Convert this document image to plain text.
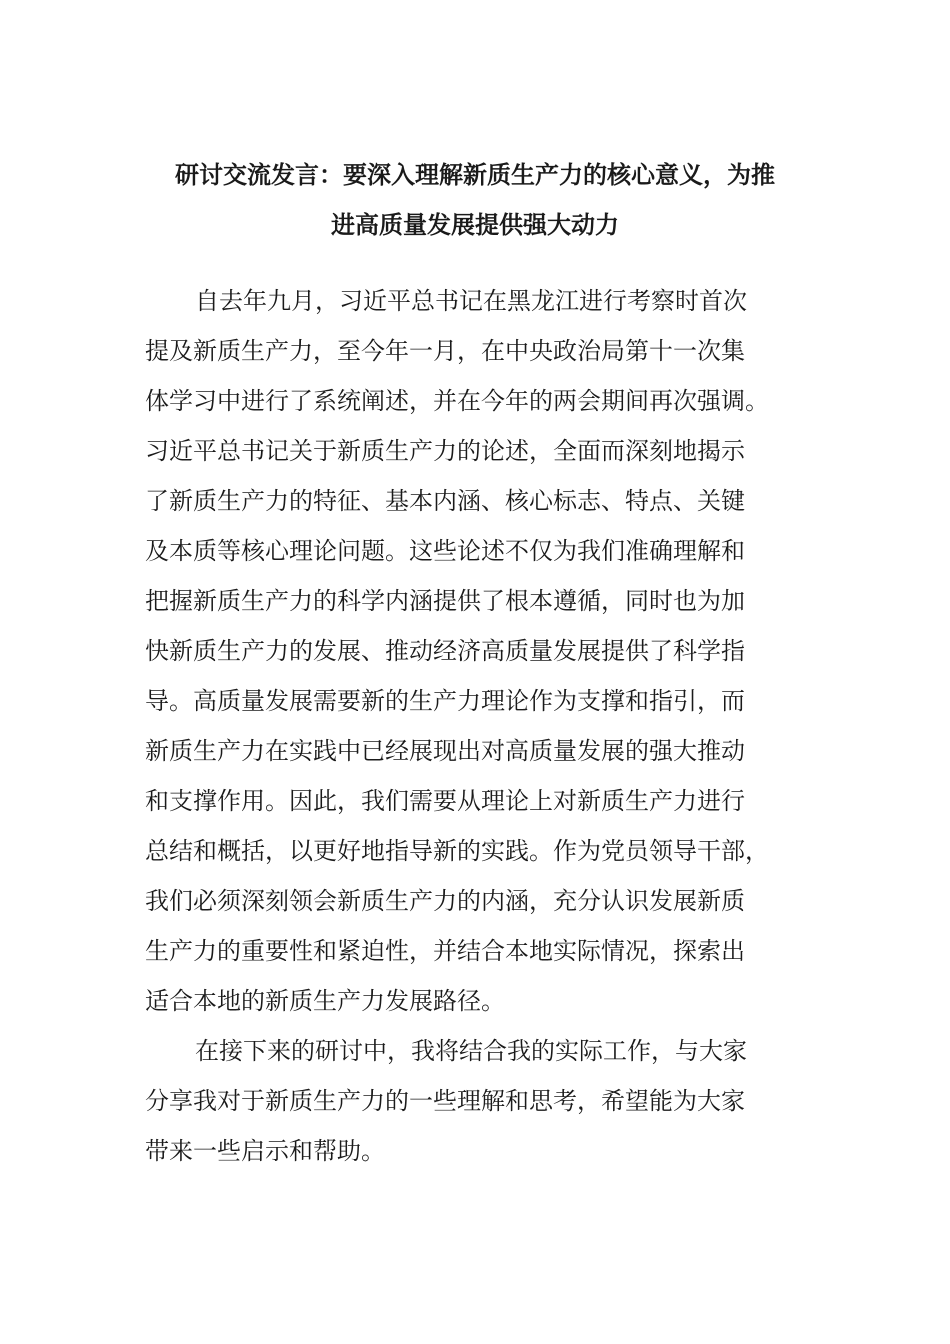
研讨交流发言：要深入理解新质生产力的核心意义，为推
进高质量发展提供强大动力
自去年九月，习近平总书记在黑龙江进行考察时首次
提及新质生产力，至今年一月，在中央政治局第十一次集
体学习中进行了系统阐述，并在今年的两会期间再次强调。
习近平总书记关于新质生产力的论述，全面而深刻地揭示
了新质生产力的特征、基本内涵、核心标志、特点、关键
及本质等核心理论问题。这些论述不仅为我们准确理解和
把握新质生产力的科学内涵提供了根本遵循，同时也为加
快新质生产力的发展、推动经济高质量发展提供了科学指
导。高质量发展需要新的生产力理论作为支撑和指引，而
新质生产力在实践中已经展现出对高质量发展的强大推动
和支撑作用。因此，我们需要从理论上对新质生产力进行
总结和概括，以更好地指导新的实践。作为党员领导干部，
我们必须深刻领会新质生产力的内涵，充分认识发展新质
生产力的重要性和紧迫性，并结合本地实际情况，探索出
适合本地的新质生产力发展路径。
在接下来的研讨中，我将结合我的实际工作，与大家
分享我对于新质生产力的一些理解和思考，希望能为大家
带来一些启示和帮助。
